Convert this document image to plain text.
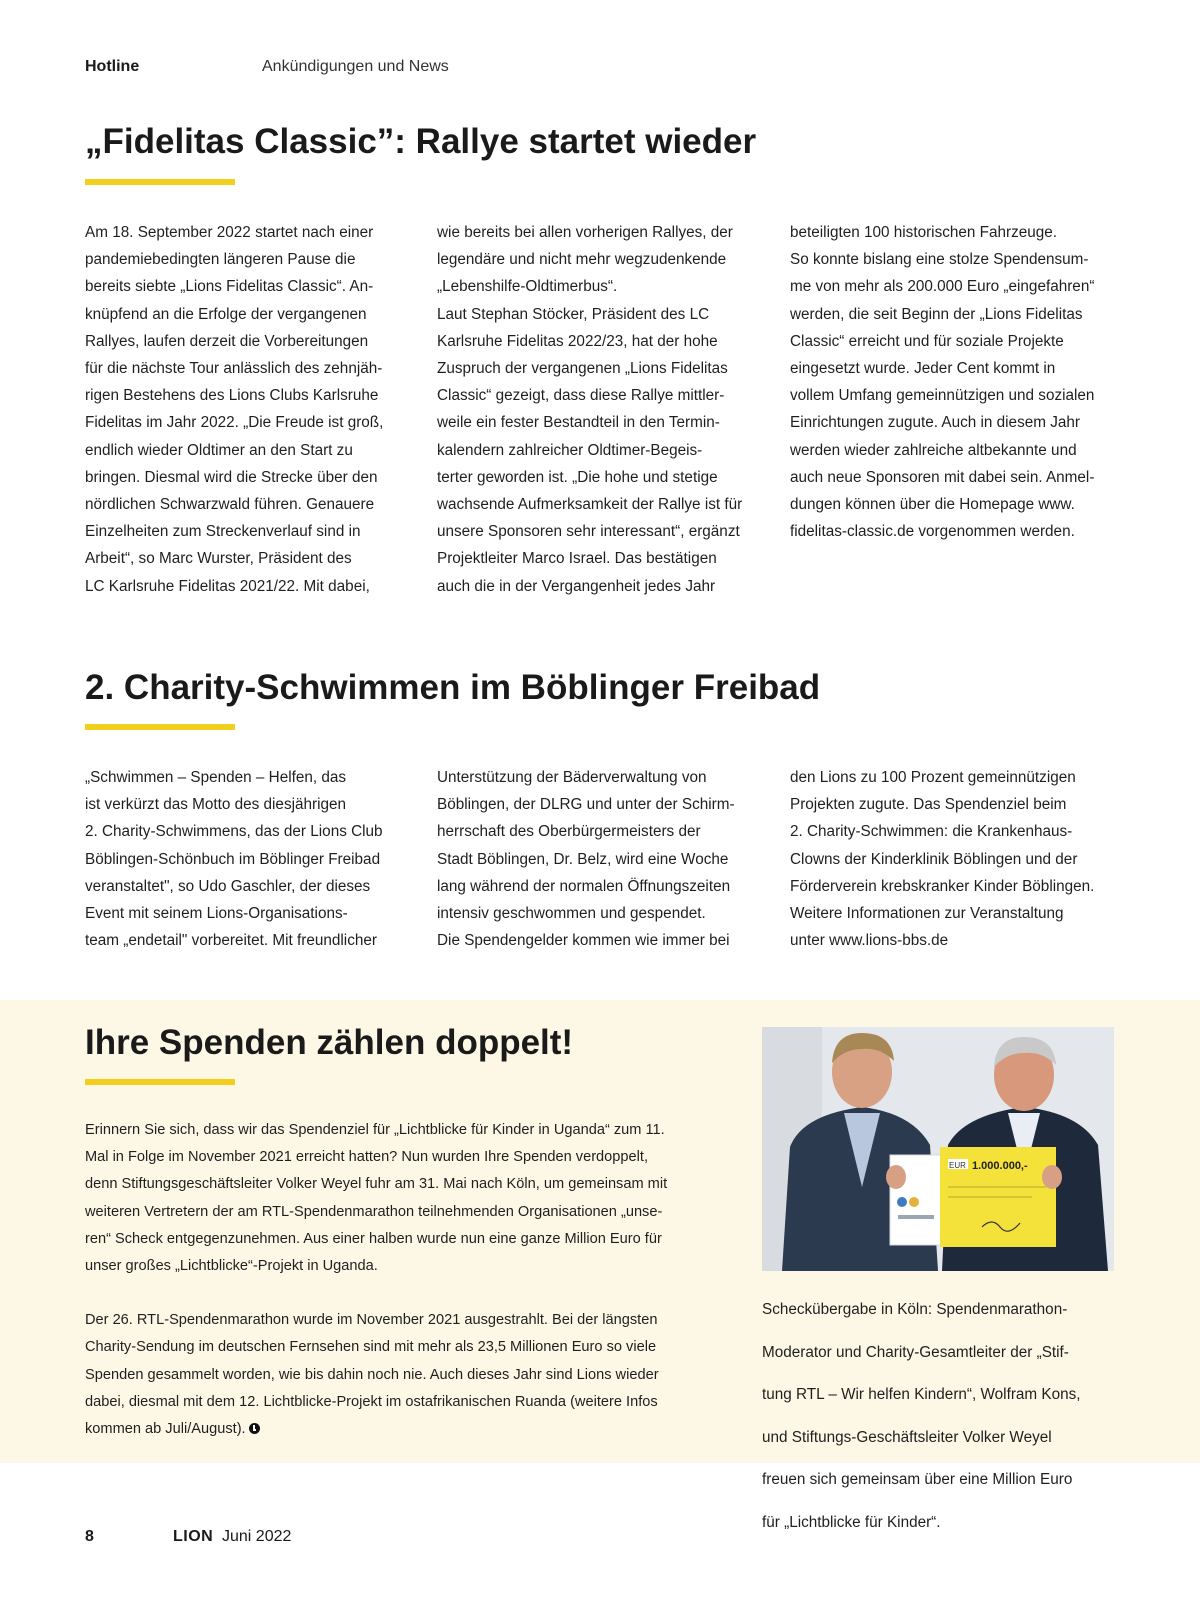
Hotline	Ankündigungen und News
„Fidelitas Classic”: Rallye startet wieder

Am 18. September 2022 startet nach einer

pandemiebedingten längeren Pause die

bereits siebte „Lions Fidelitas Classic“. An-

knüpfend an die Erfolge der vergangenen

Rallyes, laufen derzeit die Vorbereitungen

für die nächste Tour anlässlich des zehnjäh-

rigen Bestehens des Lions Clubs Karlsruhe

Fidelitas im Jahr 2022. „Die Freude ist groß,

endlich wieder Oldtimer an den Start zu

bringen. Diesmal wird die Strecke über den

nördlichen Schwarzwald führen. Genauere

Einzelheiten zum Streckenverlauf sind in

Arbeit“, so Marc Wurster, Präsident des

LC Karlsruhe Fidelitas 2021/22. Mit dabei,

wie bereits bei allen vorherigen Rallyes, der

legendäre und nicht mehr wegzudenkende

„Lebenshilfe-Oldtimerbus“.

Laut Stephan Stöcker, Präsident des LC

Karlsruhe Fidelitas 2022/23, hat der hohe

Zuspruch der vergangenen „Lions Fidelitas

Classic“ gezeigt, dass diese Rallye mittler-

weile ein fester Bestandteil in den Termin-

kalendern zahlreicher Oldtimer-Begeis-

terter geworden ist. „Die hohe und stetige

wachsende Aufmerksamkeit der Rallye ist für

unsere Sponsoren sehr interessant“, ergänzt

Projektleiter Marco Israel. Das bestätigen

auch die in der Vergangenheit jedes Jahr

beteiligten 100 historischen Fahrzeuge.

So konnte bislang eine stolze Spendensum-

me von mehr als 200.000 Euro „eingefahren“

werden, die seit Beginn der „Lions Fidelitas

Classic“ erreicht und für soziale Projekte

eingesetzt wurde. Jeder Cent kommt in

vollem Umfang gemeinnützigen und sozialen

Einrichtungen zugute. Auch in diesem Jahr

werden wieder zahlreiche altbekannte und

auch neue Sponsoren mit dabei sein. Anmel-

dungen können über die Homepage www.

fidelitas-classic.de vorgenommen werden.

2. Charity-Schwimmen im Böblinger Freibad

„Schwimmen – Spenden – Helfen, das

ist verkürzt das Motto des diesjährigen

2. Charity-Schwimmens, das der Lions Club

Böblingen-Schönbuch im Böblinger Freibad

veranstaltet", so Udo Gaschler, der dieses

Event mit seinem Lions-Organisations-

team „endetail" vorbereitet. Mit freundlicher

Unterstützung der Bäderverwaltung von

Böblingen, der DLRG und unter der Schirm-

herrschaft des Oberbürgermeisters der

Stadt Böblingen, Dr. Belz, wird eine Woche

lang während der normalen Öffnungszeiten

intensiv geschwommen und gespendet.

Die Spendengelder kommen wie immer bei

den Lions zu 100 Prozent gemeinnützigen

Projekten zugute. Das Spendenziel beim

2. Charity-Schwimmen: die Krankenhaus-

Clowns der Kinderklinik Böblingen und der

Förderverein krebskranker Kinder Böblingen.

Weitere Informationen zur Veranstaltung

unter www.lions-bbs.de

Ihre Spenden zählen doppelt!

Erinnern Sie sich, dass wir das Spendenziel für „Lichtblicke für Kinder in Uganda“ zum 11.
Mal in Folge im November 2021 erreicht hatten? Nun wurden Ihre Spenden verdoppelt,
denn Stiftungsgeschäftsleiter Volker Weyel fuhr am 31. Mai nach Köln, um gemeinsam mit
weiteren Vertretern der am RTL-Spendenmarathon teilnehmenden Organisationen „unse-
ren“ Scheck entgegenzunehmen. Aus einer halben wurde nun eine ganze Million Euro für
unser großes „Lichtblicke“-Projekt in Uganda.

Der 26. RTL-Spendenmarathon wurde im November 2021 ausgestrahlt. Bei der längsten
Charity-Sendung im deutschen Fernsehen sind mit mehr als 23,5 Millionen Euro so viele
Spenden gesammelt worden, wie bis dahin noch nie. Auch dieses Jahr sind Lions wieder
dabei, diesmal mit dem 12. Lichtblicke-Projekt im ostafrikanischen Ruanda (weitere Infos
kommen ab Juli/August).

EUR 1.000.000,-

Scheckübergabe in Köln: Spendenmarathon-

Moderator und Charity-Gesamtleiter der „Stif-

tung RTL – Wir helfen Kindern“, Wolfram Kons,

und Stiftungs-Geschäftsleiter Volker Weyel

freuen sich gemeinsam über eine Million Euro

für „Lichtblicke für Kinder“.

8	LION Juni 2022
